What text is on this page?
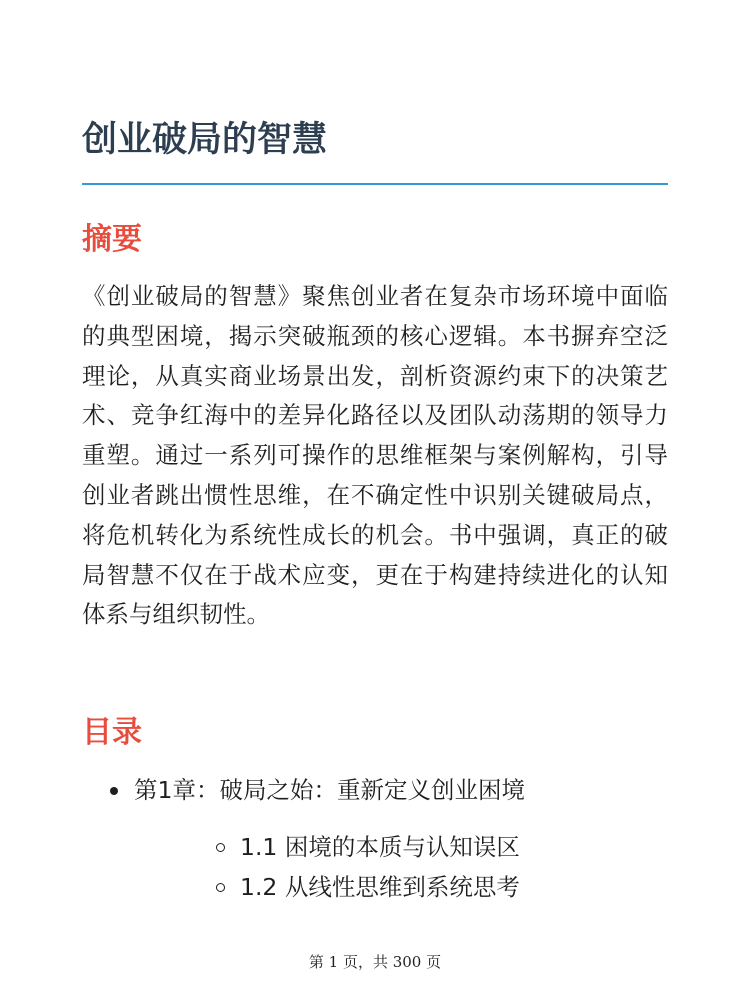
创业破局的智慧
摘要

《创业破局的智慧》聚焦创业者在复杂市场环境中面临的典型困境，揭示突破瓶颈的核心逻辑。本书摒弃空泛理论，从真实商业场景出发，剖析资源约束下的决策艺术、竞争红海中的差异化路径以及团队动荡期的领导力重塑。通过一系列可操作的思维框架与案例解构，引导创业者跳出惯性思维，在不确定性中识别关键破局点，将危机转化为系统性成长的机会。书中强调，真正的破局智慧不仅在于战术应变，更在于构建持续进化的认知体系与组织韧性。

目录
第1章：破局之始：重新定义创业困境
1.1 困境的本质与认知误区
1.2 从线性思维到系统思考
第 1 页，共 300 页
